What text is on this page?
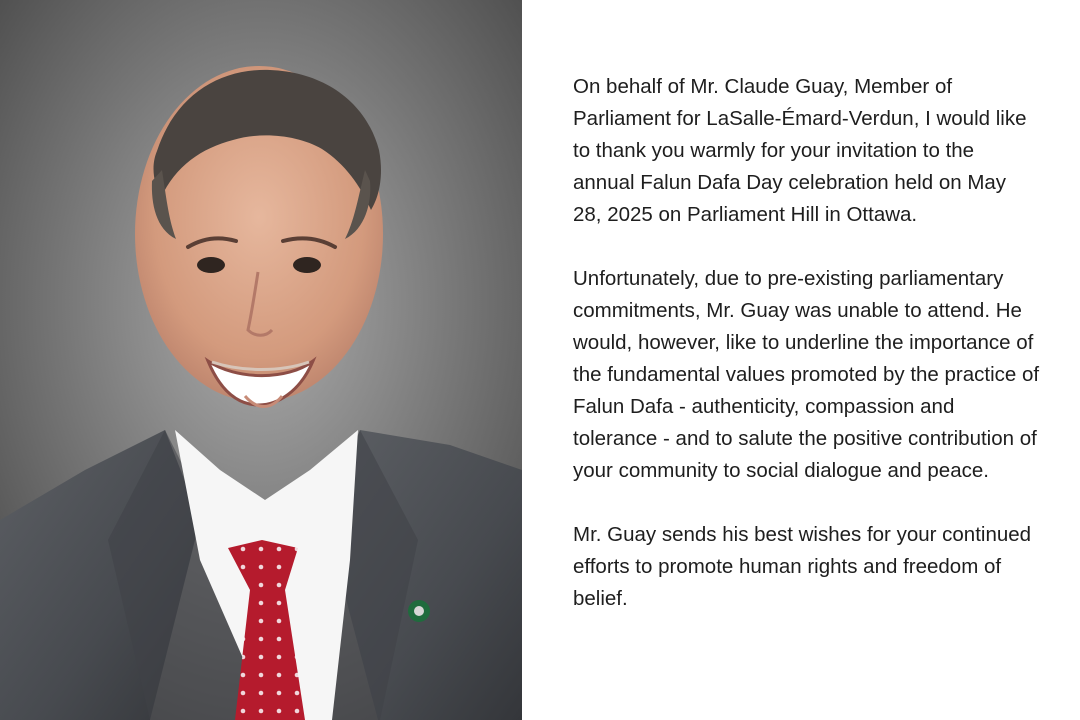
On behalf of Mr. Claude Guay, Member of Parliament for LaSalle-Émard-Verdun, I would like to thank you warmly for your invitation to the annual Falun Dafa Day celebration held on May 28, 2025 on Parliament Hill in Ottawa.

Unfortunately, due to pre-existing parliamentary commitments, Mr. Guay was unable to attend. He would, however, like to underline the importance of the fundamental values promoted by the practice of Falun Dafa - authenticity, compassion and tolerance - and to salute the positive contribution of your community to social dialogue and peace.

Mr. Guay sends his best wishes for your continued efforts to promote human rights and freedom of belief.
